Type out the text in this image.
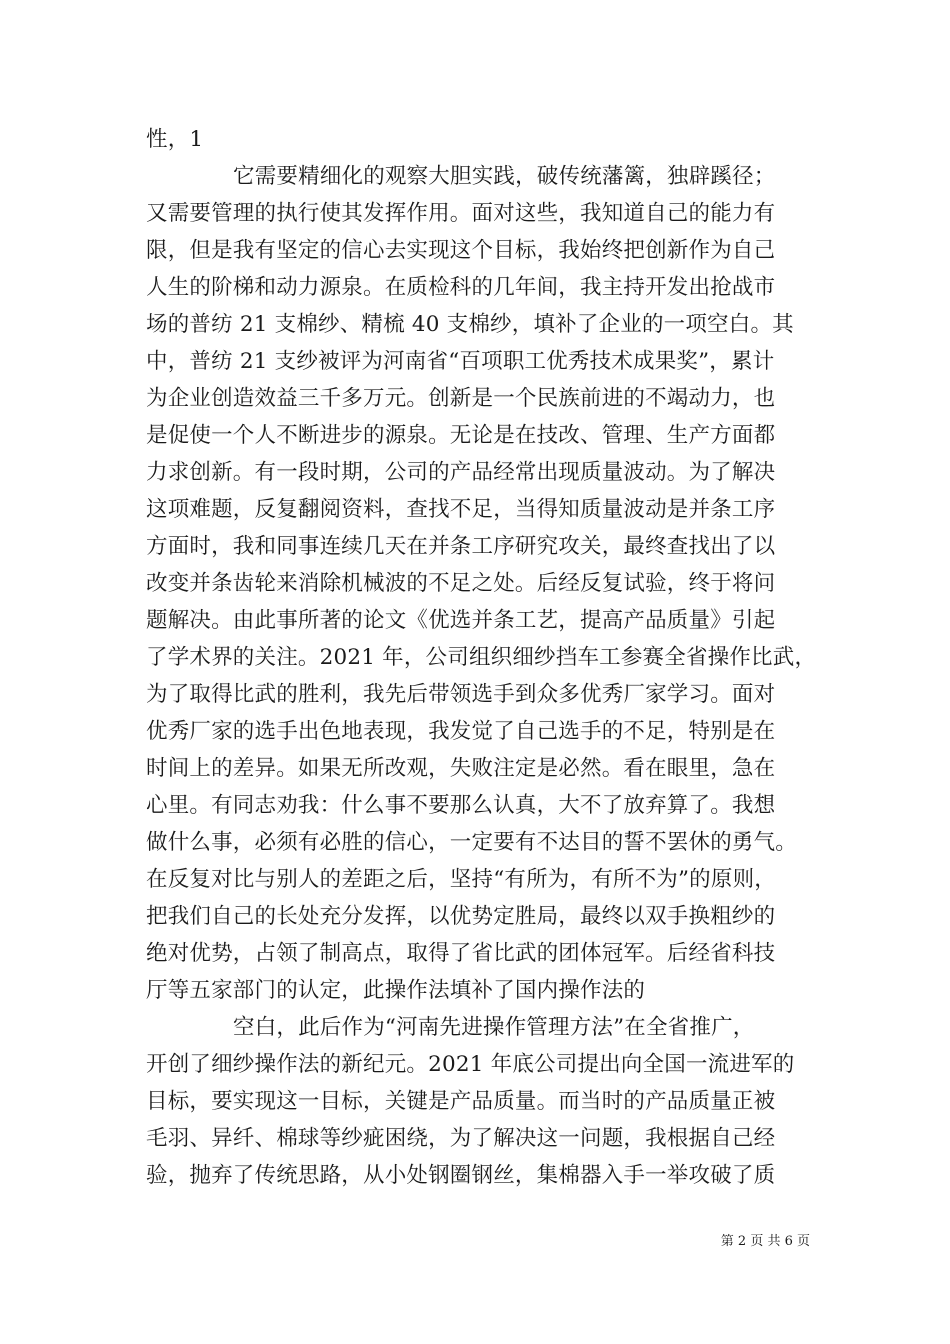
性，1
它需要精细化的观察大胆实践，破传统藩篱，独辟蹊径；
又需要管理的执行使其发挥作用。面对这些，我知道自己的能力有
限，但是我有坚定的信心去实现这个目标，我始终把创新作为自己
人生的阶梯和动力源泉。在质检科的几年间，我主持开发出抢战市
场的普纺 21 支棉纱、精梳 40 支棉纱，填补了企业的一项空白。其
中，普纺 21 支纱被评为河南省“百项职工优秀技术成果奖”，累计
为企业创造效益三千多万元。创新是一个民族前进的不竭动力，也
是促使一个人不断进步的源泉。无论是在技改、管理、生产方面都
力求创新。有一段时期，公司的产品经常出现质量波动。为了解决
这项难题，反复翻阅资料，查找不足，当得知质量波动是并条工序
方面时，我和同事连续几天在并条工序研究攻关，最终查找出了以
改变并条齿轮来消除机械波的不足之处。后经反复试验，终于将问
题解决。由此事所著的论文《优选并条工艺，提高产品质量》引起
了学术界的关注。2021 年，公司组织细纱挡车工参赛全省操作比武，
为了取得比武的胜利，我先后带领选手到众多优秀厂家学习。面对
优秀厂家的选手出色地表现，我发觉了自己选手的不足，特别是在
时间上的差异。如果无所改观，失败注定是必然。看在眼里，急在
心里。有同志劝我：什么事不要那么认真，大不了放弃算了。我想
做什么事，必须有必胜的信心，一定要有不达目的誓不罢休的勇气。
在反复对比与别人的差距之后，坚持“有所为，有所不为”的原则，
把我们自己的长处充分发挥，以优势定胜局，最终以双手换粗纱的
绝对优势，占领了制高点，取得了省比武的团体冠军。后经省科技
厅等五家部门的认定，此操作法填补了国内操作法的
空白，此后作为“河南先进操作管理方法”在全省推广，
开创了细纱操作法的新纪元。2021 年底公司提出向全国一流进军的
目标，要实现这一目标，关键是产品质量。而当时的产品质量正被
毛羽、异纤、棉球等纱疵困绕，为了解决这一问题，我根据自己经
验，抛弃了传统思路，从小处钢圈钢丝，集棉器入手一举攻破了质
第 2 页 共 6 页
